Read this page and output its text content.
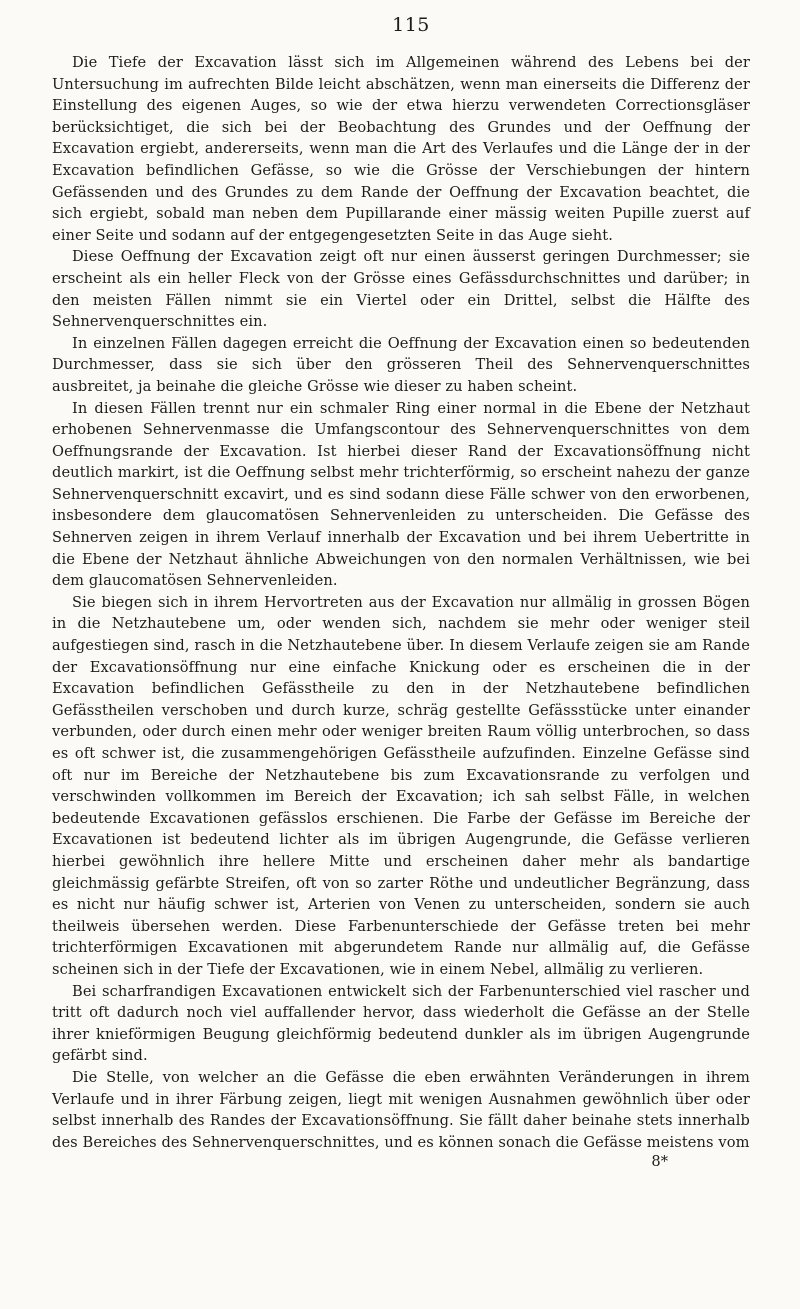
115

Die Tiefe der Excavation lässt sich im Allgemeinen während des Lebens bei der Untersuchung im aufrechten Bilde leicht abschätzen, wenn man einerseits die Differenz der Einstellung des eigenen Auges, so wie der etwa hierzu verwendeten Correctionsgläser berücksichtiget, die sich bei der Beobachtung des Grundes und der Oeffnung der Excavation ergiebt, andererseits, wenn man die Art des Verlaufes und die Länge der in der Excavation befindlichen Gefässe, so wie die Grösse der Verschiebungen der hintern Gefässenden und des Grundes zu dem Rande der Oeffnung der Excavation beachtet, die sich ergiebt, sobald man neben dem Pupillarande einer mässig weiten Pupille zuerst auf einer Seite und sodann auf der entgegengesetzten Seite in das Auge sieht.

Diese Oeffnung der Excavation zeigt oft nur einen äusserst geringen Durchmesser; sie erscheint als ein heller Fleck von der Grösse eines Gefässdurchschnittes und darüber; in den meisten Fällen nimmt sie ein Viertel oder ein Drittel, selbst die Hälfte des Sehnervenquerschnittes ein.

In einzelnen Fällen dagegen erreicht die Oeffnung der Excavation einen so bedeutenden Durchmesser, dass sie sich über den grösseren Theil des Sehnervenquerschnittes ausbreitet, ja beinahe die gleiche Grösse wie dieser zu haben scheint.

In diesen Fällen trennt nur ein schmaler Ring einer normal in die Ebene der Netzhaut erhobenen Sehnervenmasse die Umfangscontour des Sehnervenquerschnittes von dem Oeffnungsrande der Excavation. Ist hierbei dieser Rand der Excavationsöffnung nicht deutlich markirt, ist die Oeffnung selbst mehr trichterförmig, so erscheint nahezu der ganze Sehnervenquerschnitt excavirt, und es sind sodann diese Fälle schwer von den erworbenen, insbesondere dem glaucomatösen Sehnervenleiden zu unterscheiden. Die Gefässe des Sehnerven zeigen in ihrem Verlauf innerhalb der Excavation und bei ihrem Uebertritte in die Ebene der Netzhaut ähnliche Abweichungen von den normalen Verhältnissen, wie bei dem glaucomatösen Sehnervenleiden.

Sie biegen sich in ihrem Hervortreten aus der Excavation nur allmälig in grossen Bögen in die Netzhautebene um, oder wenden sich, nachdem sie mehr oder weniger steil aufgestiegen sind, rasch in die Netzhautebene über. In diesem Verlaufe zeigen sie am Rande der Excavationsöffnung nur eine einfache Knickung oder es erscheinen die in der Excavation befindlichen Gefässtheile zu den in der Netzhautebene befindlichen Gefässtheilen verschoben und durch kurze, schräg gestellte Gefässstücke unter einander verbunden, oder durch einen mehr oder weniger breiten Raum völlig unterbrochen, so dass es oft schwer ist, die zusammengehörigen Gefässtheile aufzufinden. Einzelne Gefässe sind oft nur im Bereiche der Netzhautebene bis zum Excavationsrande zu verfolgen und verschwinden vollkommen im Bereich der Excavation; ich sah selbst Fälle, in welchen bedeutende Excavationen gefässlos erschienen. Die Farbe der Gefässe im Bereiche der Excavationen ist bedeutend lichter als im übrigen Augengrunde, die Gefässe verlieren hierbei gewöhnlich ihre hellere Mitte und erscheinen daher mehr als bandartige gleichmässig gefärbte Streifen, oft von so zarter Röthe und undeutlicher Begränzung, dass es nicht nur häufig schwer ist, Arterien von Venen zu unterscheiden, sondern sie auch theilweis übersehen werden. Diese Farbenunterschiede der Gefässe treten bei mehr trichterförmigen Excavationen mit abgerundetem Rande nur allmälig auf, die Gefässe scheinen sich in der Tiefe der Excavationen, wie in einem Nebel, allmälig zu verlieren.

Bei scharfrandigen Excavationen entwickelt sich der Farbenunterschied viel rascher und tritt oft dadurch noch viel auffallender hervor, dass wiederholt die Gefässe an der Stelle ihrer knieförmigen Beugung gleichförmig bedeutend dunkler als im übrigen Augengrunde gefärbt sind.

Die Stelle, von welcher an die Gefässe die eben erwähnten Veränderungen in ihrem Verlaufe und in ihrer Färbung zeigen, liegt mit wenigen Ausnahmen gewöhnlich über oder selbst innerhalb des Randes der Excavationsöffnung. Sie fällt daher beinahe stets innerhalb des Bereiches des Sehnervenquerschnittes, und es können sonach die Gefässe meistens vom

8*
